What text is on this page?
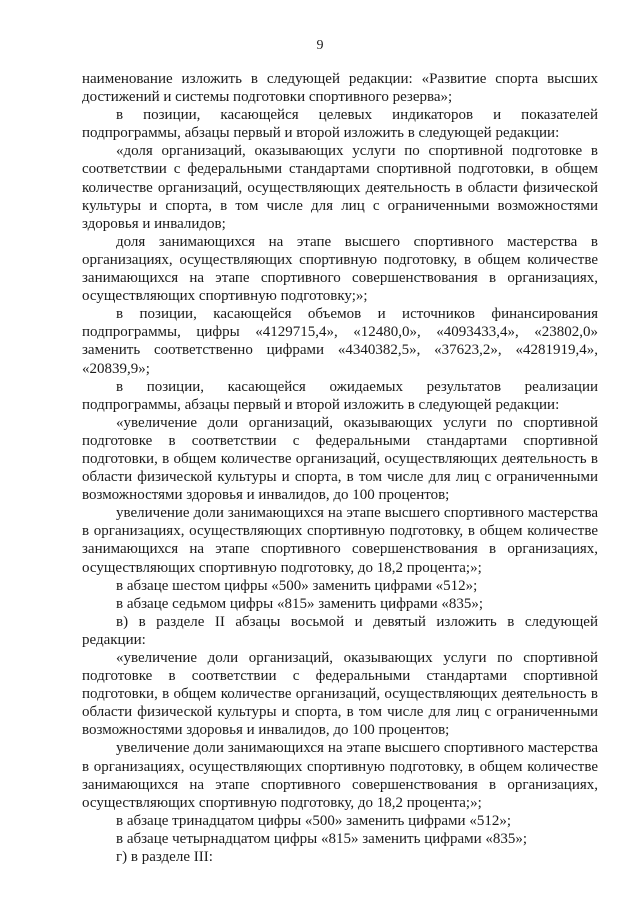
9

наименование изложить в следующей редакции: «Развитие спорта высших достижений и системы подготовки спортивного резерва»;

в позиции, касающейся целевых индикаторов и показателей подпрограммы, абзацы первый и второй изложить в следующей редакции:

«доля организаций, оказывающих услуги по спортивной подготовке в соответствии с федеральными стандартами спортивной подготовки, в общем количестве организаций, осуществляющих деятельность в области физической культуры и спорта, в том числе для лиц с ограниченными возможностями здоровья и инвалидов;

доля занимающихся на этапе высшего спортивного мастерства в организациях, осуществляющих спортивную подготовку, в общем количестве занимающихся на этапе спортивного совершенствования в организациях, осуществляющих спортивную подготовку;»;

в позиции, касающейся объемов и источников финансирования подпрограммы, цифры «4129715,4», «12480,0», «4093433,4», «23802,0» заменить соответственно цифрами «4340382,5», «37623,2», «4281919,4», «20839,9»;

в позиции, касающейся ожидаемых результатов реализации подпрограммы, абзацы первый и второй изложить в следующей редакции:

«увеличение доли организаций, оказывающих услуги по спортивной подготовке в соответствии с федеральными стандартами спортивной подготовки, в общем количестве организаций, осуществляющих деятельность в области физической культуры и спорта, в том числе для лиц с ограниченными возможностями здоровья и инвалидов, до 100 процентов;

увеличение доли занимающихся на этапе высшего спортивного мастерства в организациях, осуществляющих спортивную подготовку, в общем количестве занимающихся на этапе спортивного совершенствования в организациях, осуществляющих спортивную подготовку, до 18,2 процента;»;

в абзаце шестом цифры «500» заменить цифрами «512»;

в абзаце седьмом цифры «815» заменить цифрами «835»;

в) в разделе II абзацы восьмой и девятый изложить в следующей редакции:

«увеличение доли организаций, оказывающих услуги по спортивной подготовке в соответствии с федеральными стандартами спортивной подготовки, в общем количестве организаций, осуществляющих деятельность в области физической культуры и спорта, в том числе для лиц с ограниченными возможностями здоровья и инвалидов, до 100 процентов;

увеличение доли занимающихся на этапе высшего спортивного мастерства в организациях, осуществляющих спортивную подготовку, в общем количестве занимающихся на этапе спортивного совершенствования в организациях, осуществляющих спортивную подготовку, до 18,2 процента;»;

в абзаце тринадцатом цифры «500» заменить цифрами «512»;

в абзаце четырнадцатом цифры «815» заменить цифрами «835»;

г) в разделе III:
